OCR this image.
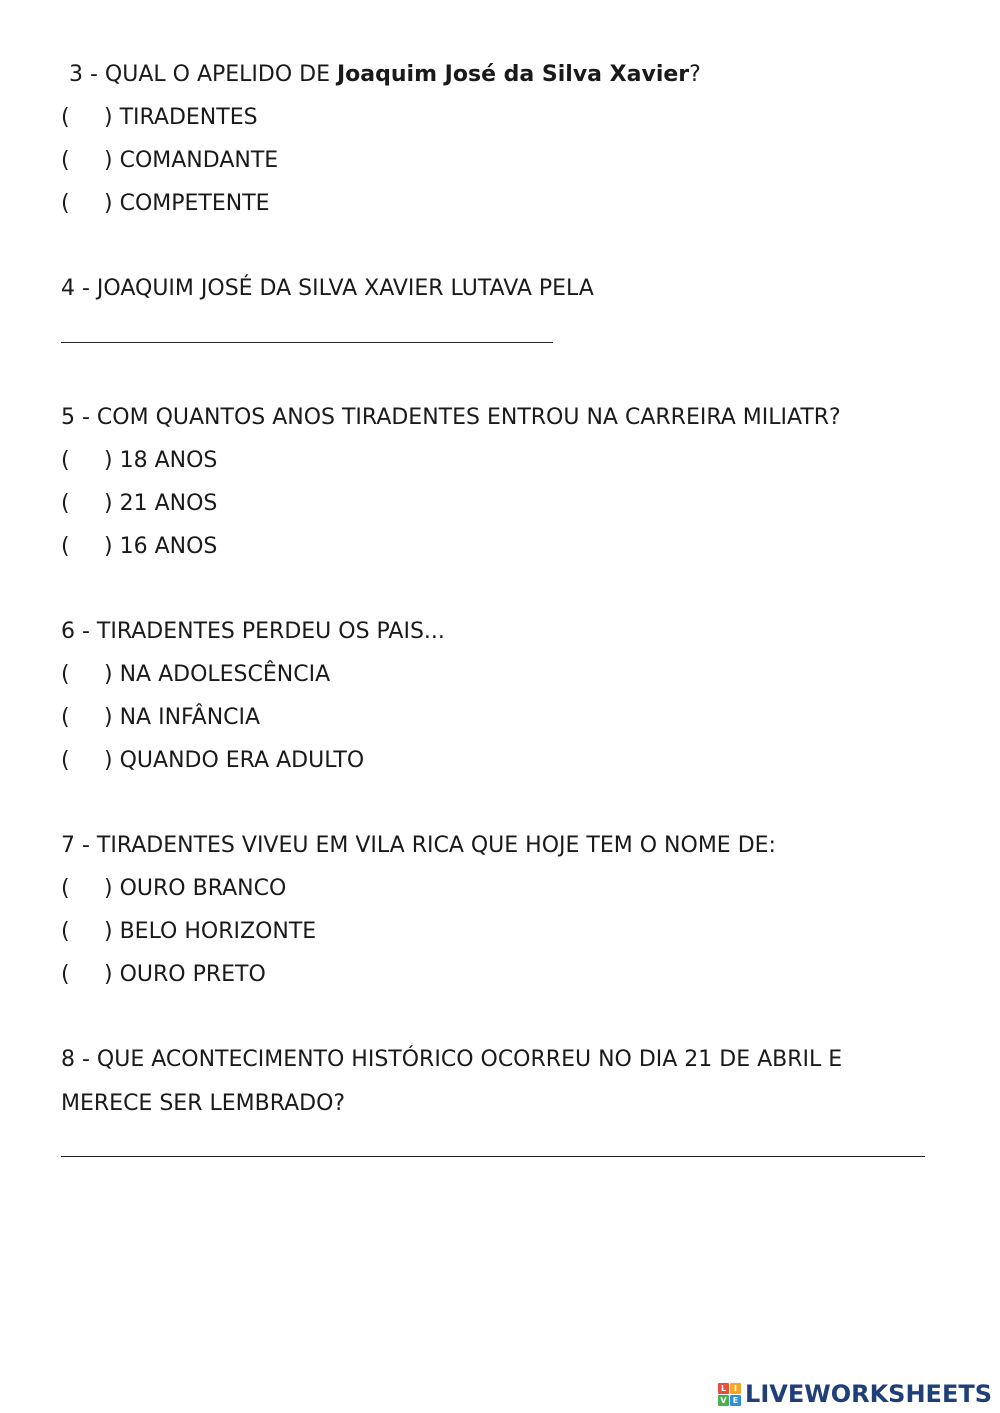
3 - QUAL O APELIDO DE Joaquim José da Silva Xavier?
( ) TIRADENTES
( ) COMANDANTE
( ) COMPETENTE
4 - JOAQUIM JOSÉ DA SILVA XAVIER LUTAVA PELA
5 - COM QUANTOS ANOS TIRADENTES ENTROU NA CARREIRA MILIATR?
( ) 18 ANOS
( ) 21 ANOS
( ) 16 ANOS
6 - TIRADENTES PERDEU OS PAIS...
( ) NA ADOLESCÊNCIA
( ) NA INFÂNCIA
( ) QUANDO ERA ADULTO
7 - TIRADENTES VIVEU EM VILA RICA QUE HOJE TEM O NOME DE:
( ) OURO BRANCO
( ) BELO HORIZONTE
( ) OURO PRETO
8 - QUE ACONTECIMENTO HISTÓRICO OCORREU NO DIA 21 DE ABRIL E
MERECE SER LEMBRADO?
L I
V E LIVEWORKSHEETS
